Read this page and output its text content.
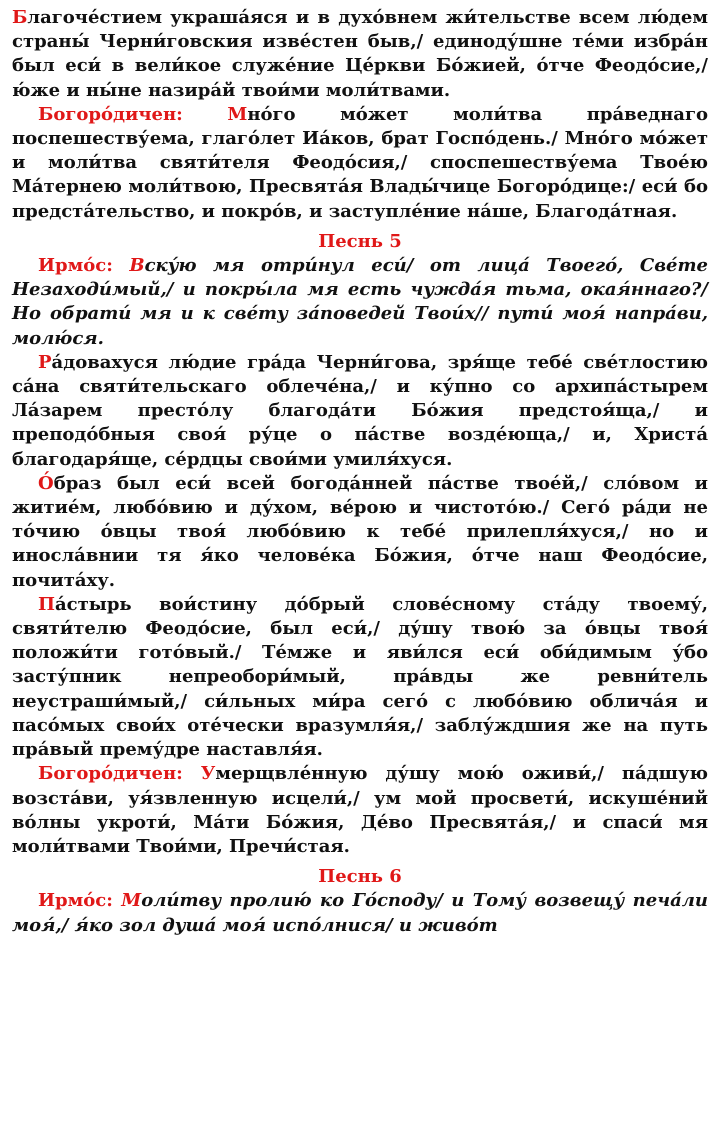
Благоче́стием украша́яся и в духо́внем жи́тельстве всем лю́дем страны́ Черни́говския изве́стен быв,/ единоду́шне те́ми избра́н был еси́ в вели́кое служе́ние Це́ркви Бо́жией, о́тче Феодо́сие,/ ю́же и ны́не назира́й твои́ми моли́твами.

Богоро́дичен: Мно́го мо́жет моли́тва пра́веднаго поспешеству́ема, глаго́лет Иа́ков, брат Госпо́день./ Мно́го мо́жет и моли́тва святи́теля Феодо́сия,/ споспешеству́ема Твое́ю Ма́тернею моли́твою, Пресвята́я Влады́чице Богоро́дице:/ еси́ бо предста́тельство, и покро́в, и заступле́ние на́ше, Благода́тная.

Песнь 5

Ирмо́с: Вску́ю мя отри́нул еси́/ от лица́ Твоего́, Све́те Незаходи́мый,/ и покры́ла мя есть чужда́я тьма, окая́ннаго?/ Но обрати́ мя и к све́ту за́поведей Твои́х// пути́ моя́ напра́ви, молю́ся.

Ра́довахуся лю́дие гра́да Черни́гова, зря́ще тебе́ све́тлостию са́на святи́тельскаго облече́на,/ и ку́пно со архипа́стырем Ла́зарем престо́лу благода́ти Бо́жия предстоя́ща,/ и преподо́бныя своя́ ру́це о па́стве возде́юща,/ и, Христа́ благодаря́ще, се́рдцы свои́ми умиля́хуся.

О́браз был еси́ всей богода́нней па́стве твое́й,/ сло́вом и житие́м, любо́вию и ду́хом, ве́рою и чистото́ю./ Сего́ ра́ди не то́чию о́вцы твоя́ любо́вию к тебе́ прилепля́хуся,/ но и иносла́внии тя я́ко челове́ка Бо́жия, о́тче наш Феодо́сие, почита́ху.

Па́стырь вои́стину до́брый слове́сному ста́ду твоему́, святи́телю Феодо́сие, был еси́,/ ду́шу твою́ за о́вцы твоя́ положи́ти гото́вый./ Те́мже и яви́лся еси́ оби́димым у́бо засту́пник непреобори́мый, пра́вды же ревни́тель неустраши́мый,/ си́льных ми́ра сего́ с любо́вию облича́я и пасо́мых свои́х оте́чески вразумля́я,/ заблу́ждшия же на путь пра́вый прему́дре наставля́я.

Богоро́дичен: Умерщвле́нную ду́шу мою́ оживи́,/ па́дшую возста́ви, уя́звленную исцели́,/ ум мой просвети́, искуше́ний во́лны укроти́, Ма́ти Бо́жия, Де́во Пресвята́я,/ и спаси́ мя моли́твами Твои́ми, Пречи́стая.

Песнь 6

Ирмо́с: Моли́тву пролию́ ко Го́споду/ и Тому́ возвещу́ печа́ли моя́,/ я́ко зол душа́ моя́ испо́лнися/ и живо́т
